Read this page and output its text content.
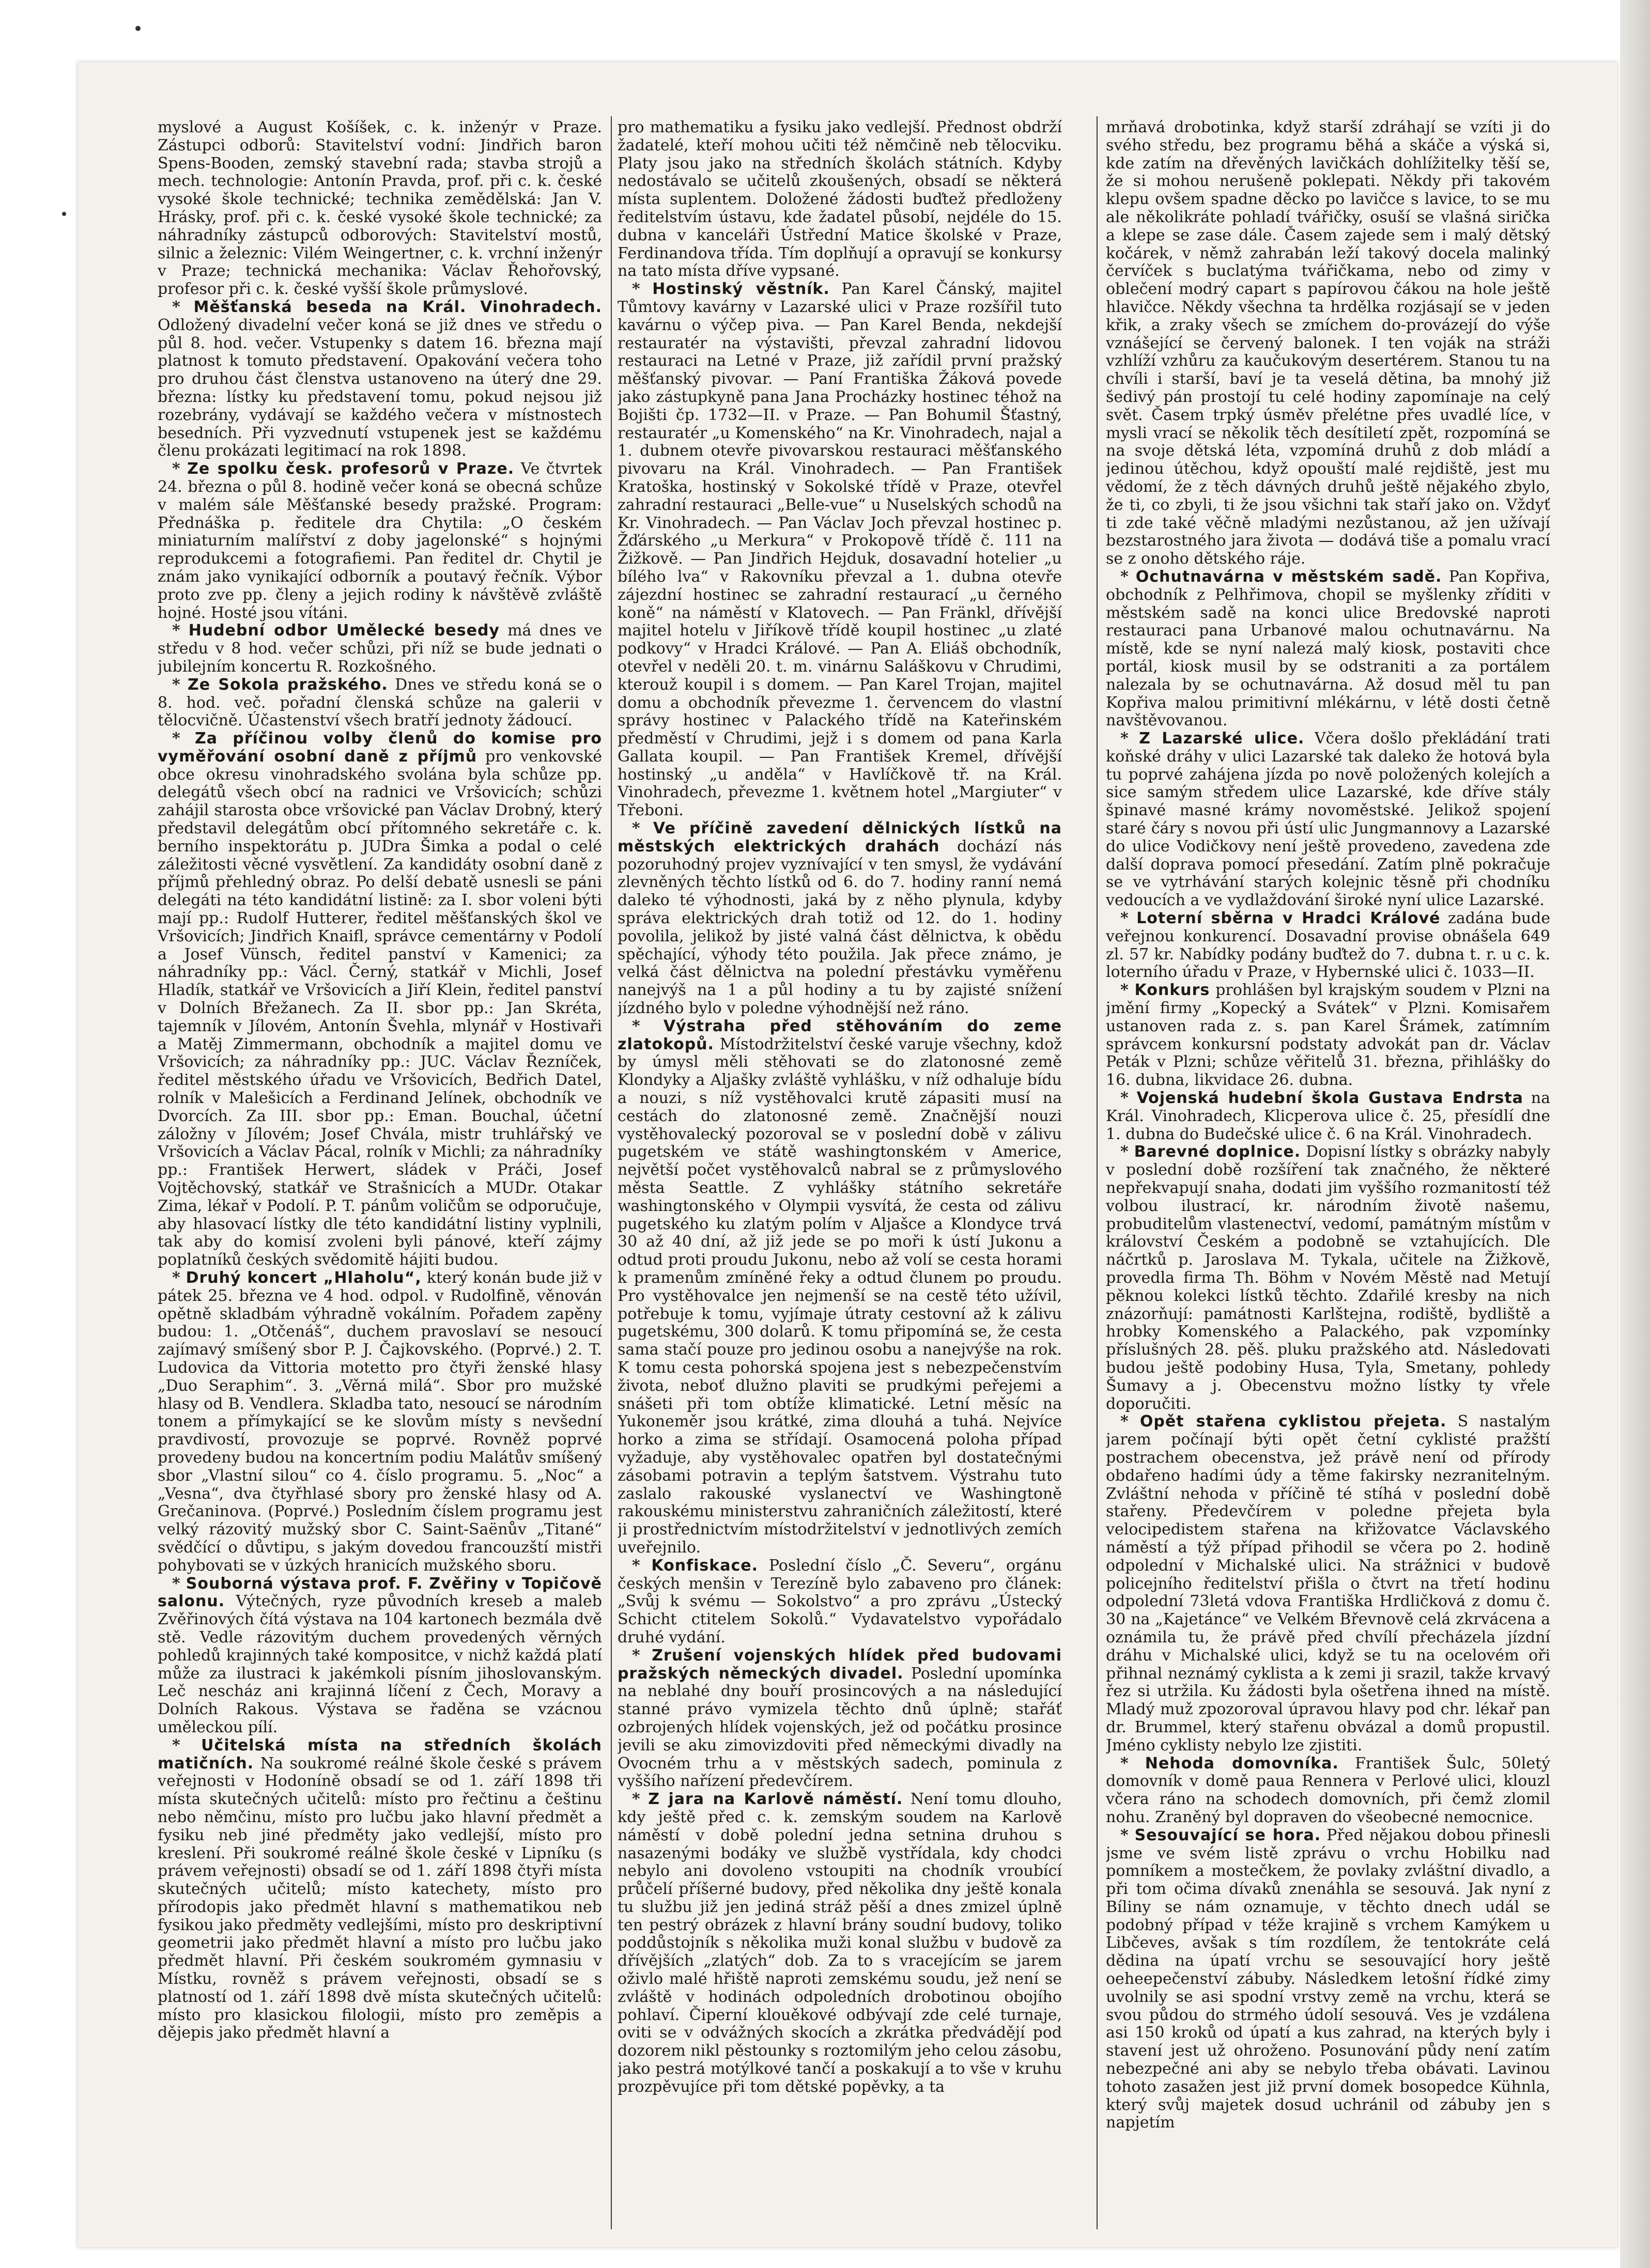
myslové a August Košíšek, c. k. inženýr v Praze. Zástupci odborů: Stavitelství vodní: Jindřich baron Spens-Booden, zemský stavební rada; stavba strojů a mech. technologie: Antonín Pravda, prof. při c. k. české vysoké škole technické; technika zemědělská: Jan V. Hrásky, prof. při c. k. české vysoké škole technické; za náhradníky zástupců odborových: Stavitelství mostů, silnic a železnic: Vilém Weingertner, c. k. vrchní inženýr v Praze; technická mechanika: Václav Řehořovský, profesor při c. k. české vyšší škole průmyslové.

* Měšťanská beseda na Král. Vinohradech. Odložený divadelní večer koná se již dnes ve středu o půl 8. hod. večer. Vstupenky s datem 16. března mají platnost k tomuto představení. Opakování večera toho pro druhou část členstva ustanoveno na úterý dne 29. března: lístky ku představení tomu, pokud nejsou již rozebrány, vydávají se každého večera v místnostech besedních. Při vyzvednutí vstupenek jest se každému členu prokázati legitimací na rok 1898.

* Ze spolku česk. profesorů v Praze. Ve čtvrtek 24. března o půl 8. hodině večer koná se obecná schůze v malém sále Měšťanské besedy pražské. Program: Přednáška p. ředitele dra Chytila: „O českém miniaturním malířství z doby jagelonské“ s hojnými reprodukcemi a fotografiemi. Pan ředitel dr. Chytil je znám jako vynikající odborník a poutavý řečník. Výbor proto zve pp. členy a jejich rodiny k návštěvě zvláště hojné. Hosté jsou vítáni.

* Hudební odbor Umělecké besedy má dnes ve středu v 8 hod. večer schůzi, při níž se bude jednati o jubilejním koncertu R. Rozkošného.

* Ze Sokola pražského. Dnes ve středu koná se o 8. hod. več. pořadní členská schůze na galerii v tělocvičně. Účastenství všech bratří jednoty žádoucí.

* Za příčinou volby členů do komise pro vyměřování osobní daně z příjmů pro venkovské obce okresu vinohradského svolána byla schůze pp. delegátů všech obcí na radnici ve Vršovicích; schůzi zahájil starosta obce vršovické pan Václav Drobný, který představil delegátům obcí přítomného sekretáře c. k. berního inspektorátu p. JUDra Šimka a podal o celé záležitosti věcné vysvětlení. Za kandidáty osobní daně z příjmů přehledný obraz. Po delší debatě usnesli se páni delegáti na této kandidátní listině: za I. sbor voleni býti mají pp.: Rudolf Hutterer, ředitel měšťanských škol ve Vršovicích; Jindřich Knaifl, správce cementárny v Podolí a Josef Vünsch, ředitel panství v Kamenici; za náhradníky pp.: Václ. Černý, statkář v Michli, Josef Hladík, statkář ve Vršovicích a Jiří Klein, ředitel panství v Dolních Břežanech. Za II. sbor pp.: Jan Skréta, tajemník v Jílovém, Antonín Švehla, mlynář v Hostivaři a Matěj Zimmermann, obchodník a majitel domu ve Vršovicích; za náhradníky pp.: JUC. Václav Řezníček, ředitel městského úřadu ve Vršovicích, Bedřich Datel, rolník v Malešicích a Ferdinand Jelínek, obchodník ve Dvorcích. Za III. sbor pp.: Eman. Bouchal, účetní záložny v Jílovém; Josef Chvála, mistr truhlářský ve Vršovicích a Václav Pácal, rolník v Michli; za náhradníky pp.: František Herwert, sládek v Práči, Josef Vojtěchovský, statkář ve Strašnicích a MUDr. Otakar Zima, lékař v Podolí. P. T. pánům voličům se odporučuje, aby hlasovací lístky dle této kandidátní listiny vyplnili, tak aby do komisí zvoleni byli pánové, kteří zájmy poplatníků českých svědomitě hájiti budou.

* Druhý koncert „Hlaholu“, který konán bude již v pátek 25. března ve 4 hod. odpol. v Rudolfině, věnován opětně skladbám výhradně vokálním. Pořadem zapěny budou: 1. „Otčenáš“, duchem pravoslaví se nesoucí zajímavý smíšený sbor P. J. Čajkovského. (Poprvé.) 2. T. Ludovica da Vittoria motetto pro čtyři ženské hlasy „Duo Seraphim“. 3. „Věrná milá“. Sbor pro mužské hlasy od B. Vendlera. Skladba tato, nesoucí se národním tonem a přímykající se ke slovům místy s nevšední pravdivostí, provozuje se poprvé. Rovněž poprvé provedeny budou na koncertním podiu Malátův smíšený sbor „Vlastní silou“ co 4. číslo programu. 5. „Noc“ a „Vesna“, dva čtyřhlasé sbory pro ženské hlasy od A. Grečaninova. (Poprvé.) Posledním číslem programu jest velký rázovitý mužský sbor C. Saint-Saënův „Titané“ svědčící o důvtipu, s jakým dovedou francouzští mistři pohybovati se v úzkých hranicích mužského sboru.

* Souborná výstava prof. F. Zvěřiny v Topičově salonu. Výtečných, ryze původních kreseb a maleb Zvěřinových čítá výstava na 104 kartonech bezmála dvě stě. Vedle rázovitým duchem provedených věrných pohledů krajinných také kompositce, v nichž každá platí může za ilustraci k jakémkoli písním jihoslovanským. Leč nescház ani krajinná líčení z Čech, Moravy a Dolních Rakous. Výstava se řaděna se vzácnou uměleckou pílí.

* Učitelská místa na středních školách matičních. Na soukromé reálné škole české s právem veřejnosti v Hodoníně obsadí se od 1. září 1898 tři místa skutečných učitelů: místo pro řečtinu a češtinu nebo němčinu, místo pro lučbu jako hlavní předmět a fysiku neb jiné předměty jako vedlejší, místo pro kreslení. Při soukromé reálné škole české v Lipníku (s právem veřejnosti) obsadí se od 1. září 1898 čtyři místa skutečných učitelů; místo katechety, místo pro přírodopis jako předmět hlavní s mathematikou neb fysikou jako předměty vedlejšími, místo pro deskriptivní geometrii jako předmět hlavní a místo pro lučbu jako předmět hlavní. Při českém soukromém gymnasiu v Místku, rovněž s právem veřejnosti, obsadí se s platností od 1. září 1898 dvě místa skutečných učitelů: místo pro klasickou filologii, místo pro zeměpis a dějepis jako předmět hlavní a

pro mathematiku a fysiku jako vedlejší. Přednost obdrží žadatelé, kteří mohou učiti též němčině neb tělocviku. Platy jsou jako na středních školách státních. Kdyby nedostávalo se učitelů zkoušených, obsadí se některá místa suplentem. Doložené žádosti buďtež předloženy ředitelstvím ústavu, kde žadatel působí, nejdéle do 15. dubna v kanceláři Ústřední Matice školské v Praze, Ferdinandova třída. Tím doplňují a opravují se konkursy na tato místa dříve vypsané.

* Hostinský věstník. Pan Karel Čánský, majitel Tůmtovy kavárny v Lazarské ulici v Praze rozšířil tuto kavárnu o výčep piva. — Pan Karel Benda, nekdejší restauratér na výstavišti, převzal zahradní lidovou restauraci na Letné v Praze, již zařídil první pražský měšťanský pivovar. — Paní Františka Žáková povede jako zástupkyně pana Jana Procházky hostinec téhož na Bojišti čp. 1732—II. v Praze. — Pan Bohumil Šťastný, restauratér „u Komenského“ na Kr. Vinohradech, najal a 1. dubnem otevře pivovarskou restauraci měšťanského pivovaru na Král. Vinohradech. — Pan František Kratoška, hostinský v Sokolské třídě v Praze, otevřel zahradní restauraci „Belle-vue“ u Nuselských schodů na Kr. Vinohradech. — Pan Václav Joch převzal hostinec p. Žďárského „u Merkura“ v Prokopově třídě č. 111 na Žižkově. — Pan Jindřich Hejduk, dosavadní hotelier „u bílého lva“ v Rakovníku převzal a 1. dubna otevře zájezdní hostinec se zahradní restaurací „u černého koně“ na náměstí v Klatovech. — Pan Fränkl, dřívější majitel hotelu v Jiříkově třídě koupil hostinec „u zlaté podkovy“ v Hradci Králové. — Pan A. Eliáš obchodník, otevřel v neděli 20. t. m. vinárnu Saláškovu v Chrudimi, kterouž koupil i s domem. — Pan Karel Trojan, majitel domu a obchodník převezme 1. červencem do vlastní správy hostinec v Palackého třídě na Kateřinském předměstí v Chrudimi, jejž i s domem od pana Karla Gallata koupil. — Pan František Kremel, dřívější hostinský „u anděla“ v Havlíčkově tř. na Král. Vinohradech, převezme 1. květnem hotel „Margiuter“ v Třeboni.

* Ve příčině zavedení dělnických lístků na městských elektrických drahách dochází nás pozoruhodný projev vyznívající v ten smysl, že vydávání zlevněných těchto lístků od 6. do 7. hodiny ranní nemá daleko té výhodnosti, jaká by z něho plynula, kdyby správa elektrických drah totiž od 12. do 1. hodiny povolila, jelikož by jisté valná část dělnictva, k obědu spěchající, výhody této použila. Jak přece známo, je velká část dělnictva na polední přestávku vyměřenu nanejvýš na 1 a půl hodiny a tu by zajisté snížení jízdného bylo v poledne výhodnější než ráno.

* Výstraha před stěhováním do zeme zlatokopů. Místodržitelství české varuje všechny, kdož by úmysl měli stěhovati se do zlatonosné země Klondyky a Aljašky zvláště vyhlášku, v níž odhaluje bídu a nouzi, s níž vystěhovalci krutě zápasiti musí na cestách do zlatonosné země. Značnější nouzi vystěhovalecký pozoroval se v poslední době v zálivu pugetském ve státě washingtonském v Americe, největší počet vystěhovalců nabral se z průmyslového města Seattle. Z vyhlášky státního sekretáře washingtonského v Olympii vysvítá, že cesta od zálivu pugetského ku zlatým polím v Aljašce a Klondyce trvá 30 až 40 dní, až již jede se po moři k ústí Jukonu a odtud proti proudu Jukonu, nebo až volí se cesta horami k pramenům zmíněné řeky a odtud člunem po proudu. Pro vystěhovalce jen nejmenší se na cestě této užívil, potřebuje k tomu, vyjímaje útraty cestovní až k zálivu pugetskému, 300 dolarů. K tomu připomíná se, že cesta sama stačí pouze pro jedinou osobu a nanejvýše na rok. K tomu cesta pohorská spojena jest s nebezpečenstvím života, neboť dlužno plaviti se prudkými peřejemi a snášeti při tom obtíže klimatické. Letní měsíc na Yukoneměr jsou krátké, zima dlouhá a tuhá. Nejvíce horko a zima se střídají. Osamocená poloha případ vyžaduje, aby vystěhovalec opatřen byl dostatečnými zásobami potravin a teplým šatstvem. Výstrahu tuto zaslalo rakouské vyslanectví ve Washingtoně rakouskému ministerstvu zahraničních záležitostí, které ji prostřednictvím místodržitelství v jednotlivých zemích uveřejnilo.

* Konfiskace. Poslední číslo „Č. Severu“, orgánu českých menšin v Terezíně bylo zabaveno pro článek: „Svůj k svému — Sokolstvo“ a pro zprávu „Ústecký Schicht ctitelem Sokolů.“ Vydavatelstvo vypořádalo druhé vydání.

* Zrušení vojenských hlídek před budovami pražských německých divadel. Poslední upomínka na neblahé dny bouří prosincových a na následující stanné právo vymizela těchto dnů úplně; stařáť ozbrojených hlídek vojenských, jež od počátku prosince jevili se aku zimovizdoviti před německými divadly na Ovocném trhu a v městských sadech, pominula z vyššího nařízení předevčírem.

* Z jara na Karlově náměstí. Není tomu dlouho, kdy ještě před c. k. zemským soudem na Karlově náměstí v době polední jedna setnina druhou s nasazenými bodáky ve službě vystřídala, kdy chodci nebylo ani dovoleno vstoupiti na chodník vroubící průčelí příšerné budovy, před několika dny ještě konala tu službu již jen jediná stráž pěší a dnes zmizel úplně ten pestrý obrázek z hlavní brány soudní budovy, toliko poddůstojník s několika muži konal službu v budově za dřívějších „zlatých“ dob. Za to s vracejícím se jarem oživlo malé hřiště naproti zemskému soudu, jež není se zvláště v hodinách odpoledních drobotinou obojího pohlaví. Čiperní klouěkové odbývají zde celé turnaje, oviti se v odvážných skocích a zkrátka předvádějí pod dozorem nikl pěstounky s roztomilým jeho celou zásobu, jako pestrá motýlkové tančí a poskakují a to vše v kruhu prozpěvujíce při tom dětské popěvky, a ta

mrňavá drobotinka, když starší zdráhají se vzíti ji do svého středu, bez programu běhá a skáče a výská si, kde zatím na dřevěných lavičkách dohlížitelky těší se, že si mohou nerušeně poklepati. Někdy při takovém klepu ovšem spadne děcko po lavičce s lavice, to se mu ale několikráte pohladí tvářičky, osuší se vlašná sirička a klepe se zase dále. Časem zajede sem i malý dětský kočárek, v němž zahrabán leží takový docela malinký červíček s buclatýma tvářičkama, nebo od zimy v oblečení modrý capart s papírovou čákou na hole ještě hlavičce. Někdy všechna ta hrdělka rozjásají se v jeden křik, a zraky všech se zmíchem do-provázejí do výše vznášející se červený balonek. I ten voják na stráži vzhlíží vzhůru za kaučukovým desertérem. Stanou tu na chvíli i starší, baví je ta veselá dětina, ba mnohý již šedivý pán prostojí tu celé hodiny zapomínaje na celý svět. Časem trpký úsměv přelétne přes uvadlé líce, v mysli vrací se několik těch desítiletí zpět, rozpomíná se na svoje dětská léta, vzpomíná druhů z dob mládí a jedinou útěchou, když opouští malé rejdiště, jest mu vědomí, že z těch dávných druhů ještě nějakého zbylo, že ti, co zbyli, ti že jsou všichni tak staří jako on. Vždyť ti zde také věčně mladými nezůstanou, až jen užívají bezstarostného jara života — dodává tiše a pomalu vrací se z onoho dětského ráje.

* Ochutnavárna v městském sadě. Pan Kopřiva, obchodník z Pelhřimova, chopil se myšlenky zříditi v městském sadě na konci ulice Bredovské naproti restauraci pana Urbanové malou ochutnavárnu. Na místě, kde se nyní nalezá malý kiosk, postaviti chce portál, kiosk musil by se odstraniti a za portálem nalezala by se ochutnavárna. Až dosud měl tu pan Kopřiva malou primitivní mlékárnu, v létě dosti četně navštěvovanou.

* Z Lazarské ulice. Včera došlo překládání trati koňské dráhy v ulici Lazarské tak daleko že hotová byla tu poprvé zahájena jízda po nově položených kolejích a sice samým středem ulice Lazarské, kde dříve stály špinavé masné krámy novoměstské. Jelikož spojení staré čáry s novou při ústí ulic Jungmannovy a Lazarské do ulice Vodičkovy není ještě provedeno, zavedena zde další doprava pomocí přesedání. Zatím plně pokračuje se ve vytrhávání starých kolejnic těsně při chodníku vedoucích a ve vydlaždování široké nyní ulice Lazarské.

* Loterní sběrna v Hradci Králové zadána bude veřejnou konkurencí. Dosavadní provise obnášela 649 zl. 57 kr. Nabídky podány buďtež do 7. dubna t. r. u c. k. loterního úřadu v Praze, v Hybernské ulici č. 1033—II.

* Konkurs prohlášen byl krajským soudem v Plzni na jmění firmy „Kopecký a Svátek“ v Plzni. Komisařem ustanoven rada z. s. pan Karel Šrámek, zatímním správcem konkursní podstaty advokát pan dr. Václav Peták v Plzni; schůze věřitelů 31. března, přihlášky do 16. dubna, likvidace 26. dubna.

* Vojenská hudební škola Gustava Endrsta na Král. Vinohradech, Klicperova ulice č. 25, přesídlí dne 1. dubna do Budečské ulice č. 6 na Král. Vinohradech.

* Barevné doplnice. Dopisní lístky s obrázky nabyly v poslední době rozšíření tak značného, že některé nepřekvapují snaha, dodati jim vyššího rozmanitostí též volbou ilustrací, kr. národním životě našemu, probuditelům vlastenectví, vedomí, památným místům v království Českém a podobně se vztahujících. Dle náčrtků p. Jaroslava M. Tykala, učitele na Žižkově, provedla firma Th. Böhm v Novém Městě nad Metují pěknou kolekci lístků těchto. Zdařilé kresby na nich znázorňují: památnosti Karlštejna, rodiště, bydliště a hrobky Komenského a Palackého, pak vzpomínky příslušných 28. pěš. pluku pražského atd. Následovati budou ještě podobiny Husa, Tyla, Smetany, pohledy Šumavy a j. Obecenstvu možno lístky ty vřele doporučiti.

* Opět stařena cyklistou přejeta. S nastalým jarem počínají býti opět četní cyklisté pražští postrachem obecenstva, jež právě není od přírody obdařeno hadími údy a těme fakirsky nezranitelným. Zvláštní nehoda v příčině té stíhá v poslední době stařeny. Předevčírem v poledne přejeta byla velocipedistem stařena na křižovatce Václavského náměstí a týž případ přihodil se včera po 2. hodině odpolední v Michalské ulici. Na strážnici v budově policejního ředitelství přišla o čtvrt na třetí hodinu odpolední 73letá vdova Františka Hrdličková z domu č. 30 na „Kajetánce“ ve Velkém Břevnově celá zkrvácena a oznámila tu, že právě před chvílí přecházela jízdní dráhu v Michalské ulici, když se tu na ocelovém oři přihnal neznámý cyklista a k zemi ji srazil, takže krvavý řez si utržila. Ku žádosti byla ošetřena ihned na místě. Mladý muž zpozoroval úpravou hlavy pod chr. lékař pan dr. Brummel, který stařenu obvázal a domů propustil. Jméno cyklisty nebylo lze zjistiti.

* Nehoda domovníka. František Šulc, 50letý domovník v domě paua Rennera v Perlové ulici, klouzl včera ráno na schodech domovních, při čemž zlomil nohu. Zraněný byl dopraven do všeobecné nemocnice.

* Sesouvající se hora. Před nějakou dobou přinesli jsme ve svém listě zprávu o vrchu Hobilku nad pomníkem a mostečkem, že povlaky zvláštní divadlo, a při tom očima dívaků znenáhla se sesouvá. Jak nyní z Bíliny se nám oznamuje, v těchto dnech udál se podobný případ v téže krajině s vrchem Kamýkem u Libčeves, avšak s tím rozdílem, že tentokráte celá dědina na úpatí vrchu se sesouvající hory ještě oeheepečenství zábuby. Následkem letošní řídké zimy uvolnily se asi spodní vrstvy země na vrchu, která se svou půdou do strmého údolí sesouvá. Ves je vzdálena asi 150 kroků od úpatí a kus zahrad, na kterých byly i stavení jest už ohroženo. Posunování půdy není zatím nebezpečné ani aby se nebylo třeba obávati. Lavinou tohoto zasažen jest již první domek bosopedce Kühnla, který svůj majetek dosud uchránil od zábuby jen s napjetím
